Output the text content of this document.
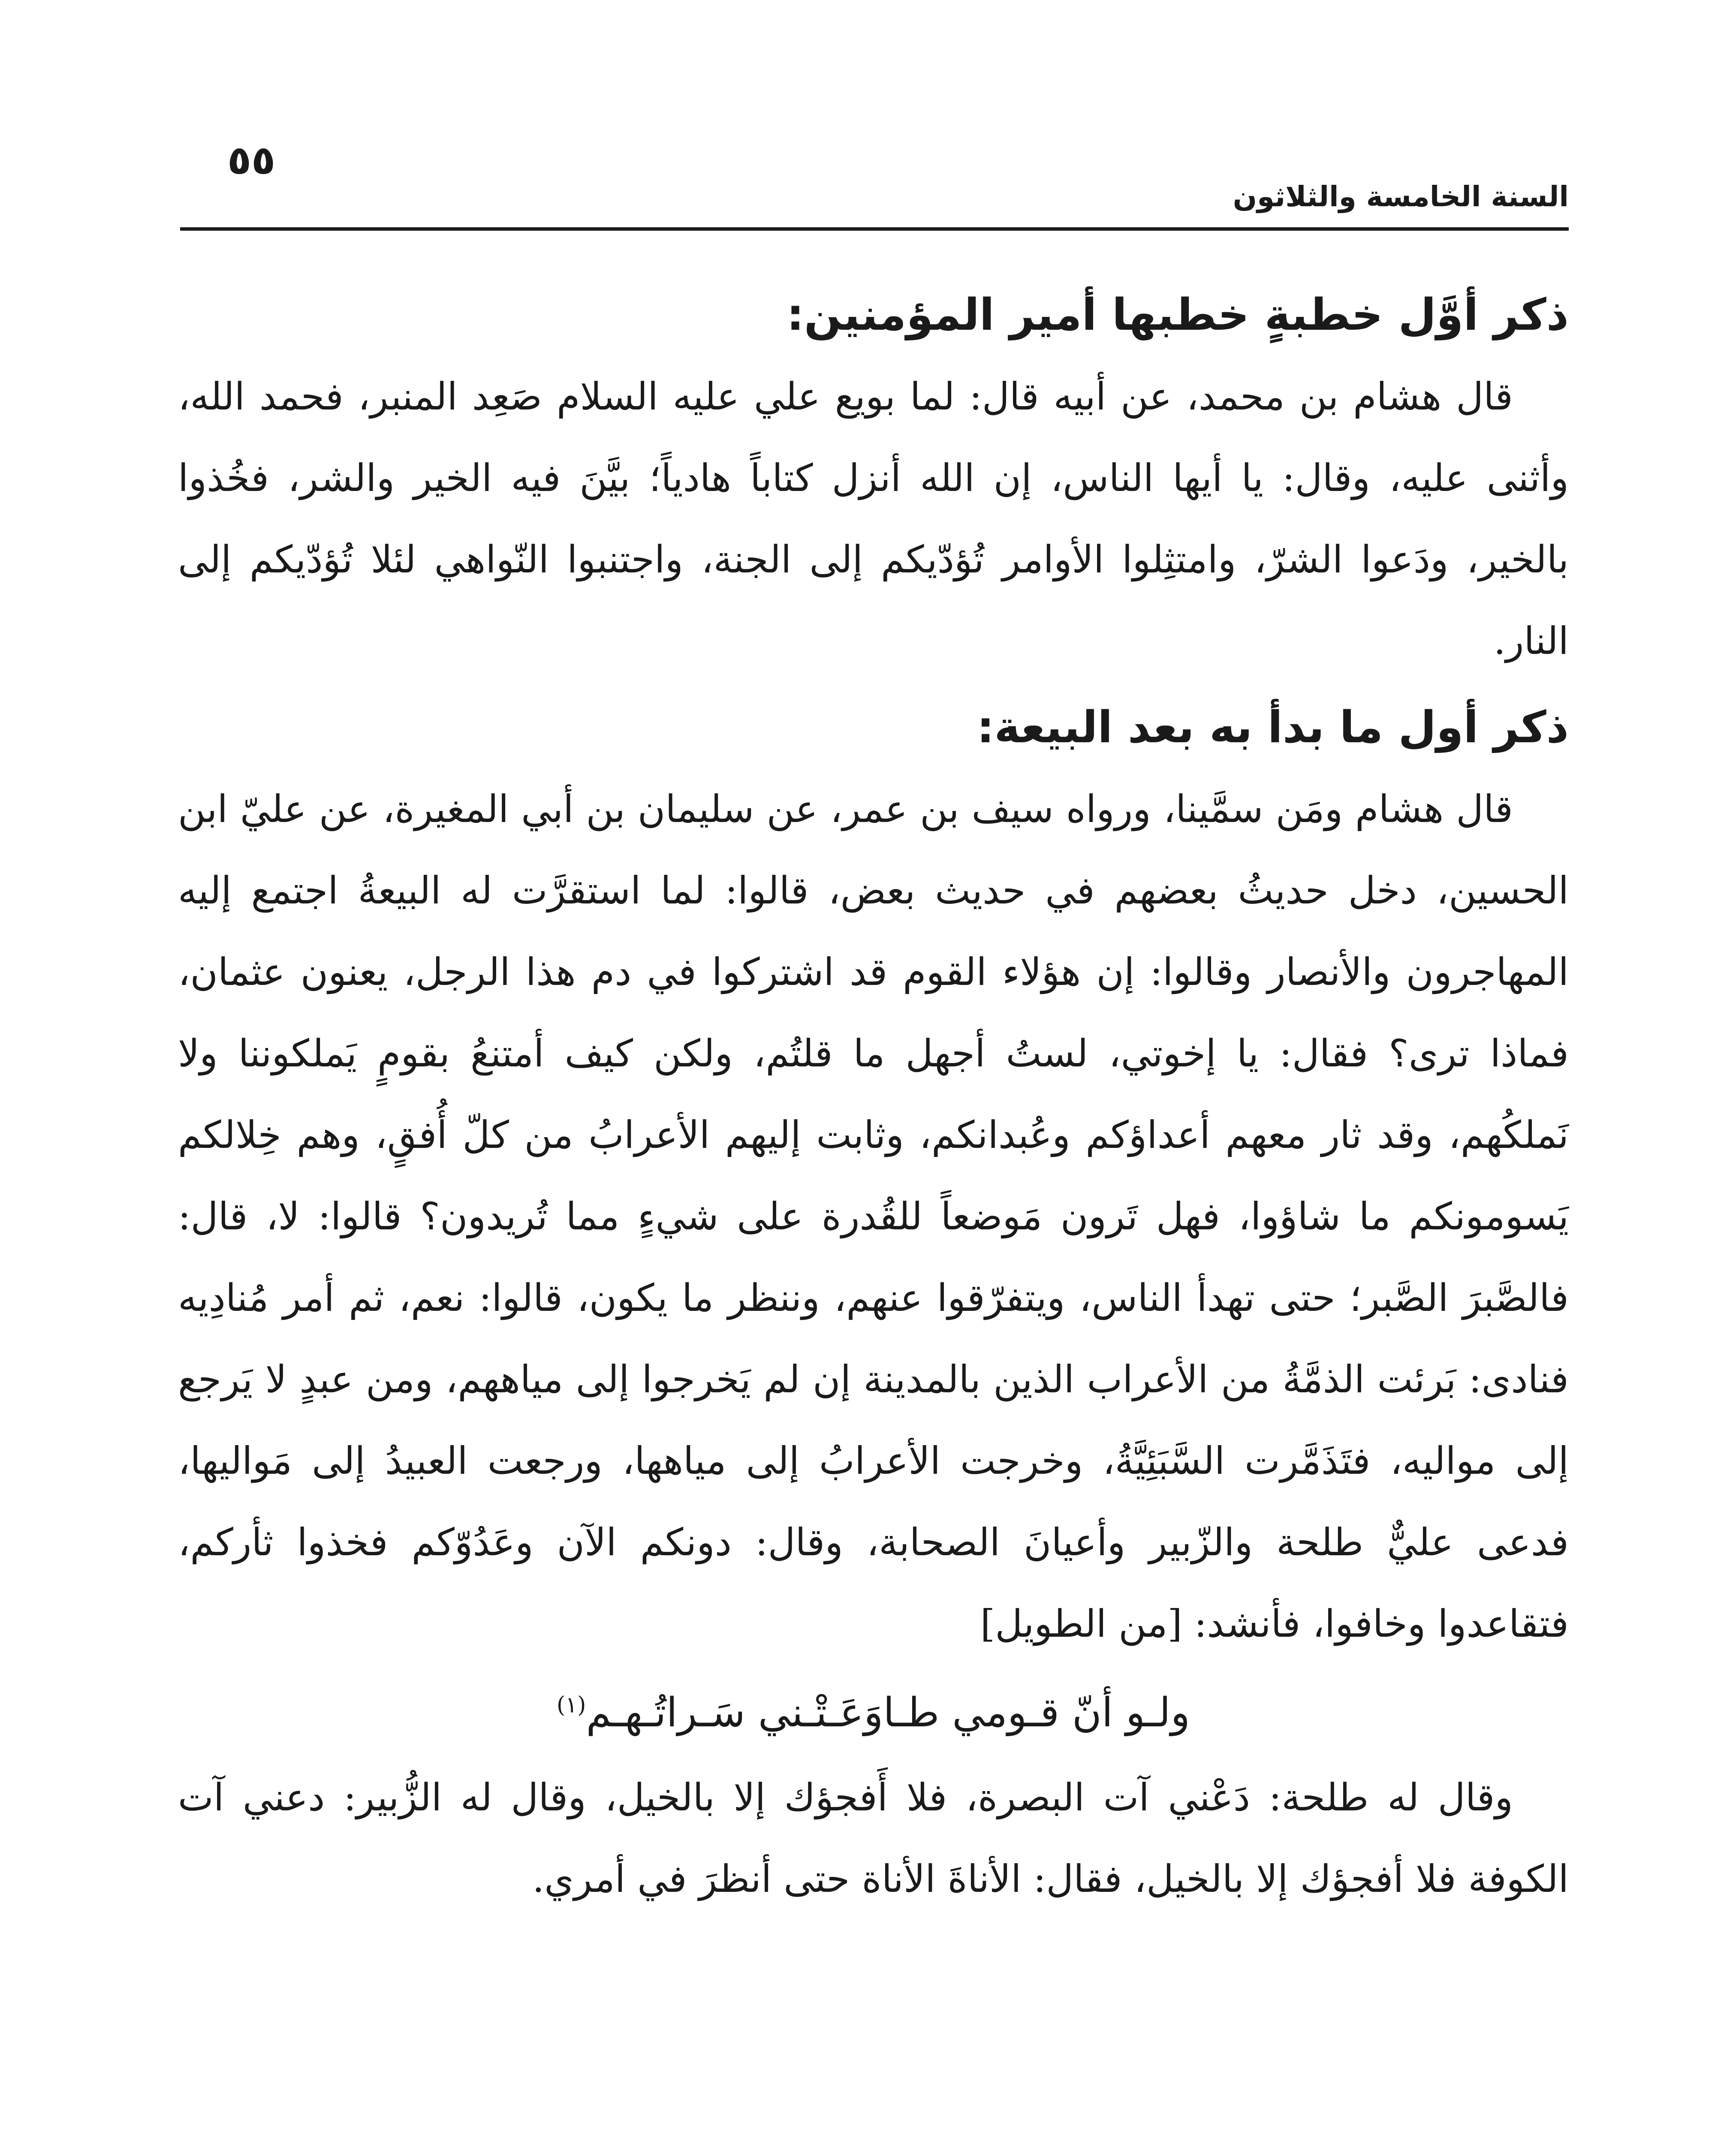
٥٥
السنة الخامسة والثلاثون
ذكر أوَّل خطبةٍ خطبها أمير المؤمنين:

قال هشام بن محمد، عن أبيه قال: لما بويع علي عليه السلام صَعِد المنبر، فحمد الله، وأثنى عليه، وقال: يا أيها الناس، إن الله أنزل كتاباً هادياً؛ بيَّنَ فيه الخير والشر، فخُذوا بالخير، ودَعوا الشرّ، وامتثِلوا الأوامر تُؤدّيكم إلى الجنة، واجتنبوا النّواهي لئلا تُؤدّيكم إلى النار.

ذكر أول ما بدأ به بعد البيعة:

قال هشام ومَن سمَّينا، ورواه سيف بن عمر، عن سليمان بن أبي المغيرة، عن عليّ ابن الحسين، دخل حديثُ بعضهم في حديث بعض، قالوا: لما استقرَّت له البيعةُ اجتمع إليه المهاجرون والأنصار وقالوا: إن هؤلاء القوم قد اشتركوا في دم هذا الرجل، يعنون عثمان، فماذا ترى؟ فقال: يا إخوتي، لستُ أجهل ما قلتُم، ولكن كيف أمتنعُ بقومٍ يَملكوننا ولا نَملكُهم، وقد ثار معهم أعداؤكم وعُبدانكم، وثابت إليهم الأعرابُ من كلّ أُفقٍ، وهم خِلالكم يَسومونكم ما شاؤوا، فهل تَرون مَوضعاً للقُدرة على شيءٍ مما تُريدون؟ قالوا: لا، قال: فالصَّبرَ الصَّبر؛ حتى تهدأ الناس، ويتفرّقوا عنهم، وننظر ما يكون، قالوا: نعم، ثم أمر مُنادِيه فنادى: بَرئت الذمَّةُ من الأعراب الذين بالمدينة إن لم يَخرجوا إلى مياههم، ومن عبدٍ لا يَرجع إلى مواليه، فتَذَمَّرت السَّبَئِيَّةُ، وخرجت الأعرابُ إلى مياهها، ورجعت العبيدُ إلى مَواليها، فدعى عليٌّ طلحة والزّبير وأعيانَ الصحابة، وقال: دونكم الآن وعَدُوّكم فخذوا ثأركم، فتقاعدوا وخافوا، فأنشد: [من الطويل]

ولـو أنّ قـومي طـاوَعَـتْـني سَـراتُـهـم$^{(١)}$

وقال له طلحة: دَعْني آت البصرة، فلا أَفجؤك إلا بالخيل، وقال له الزُّبير: دعني آت الكوفة فلا أفجؤك إلا بالخيل، فقال: الأناةَ الأناة حتى أنظرَ في أمري.
